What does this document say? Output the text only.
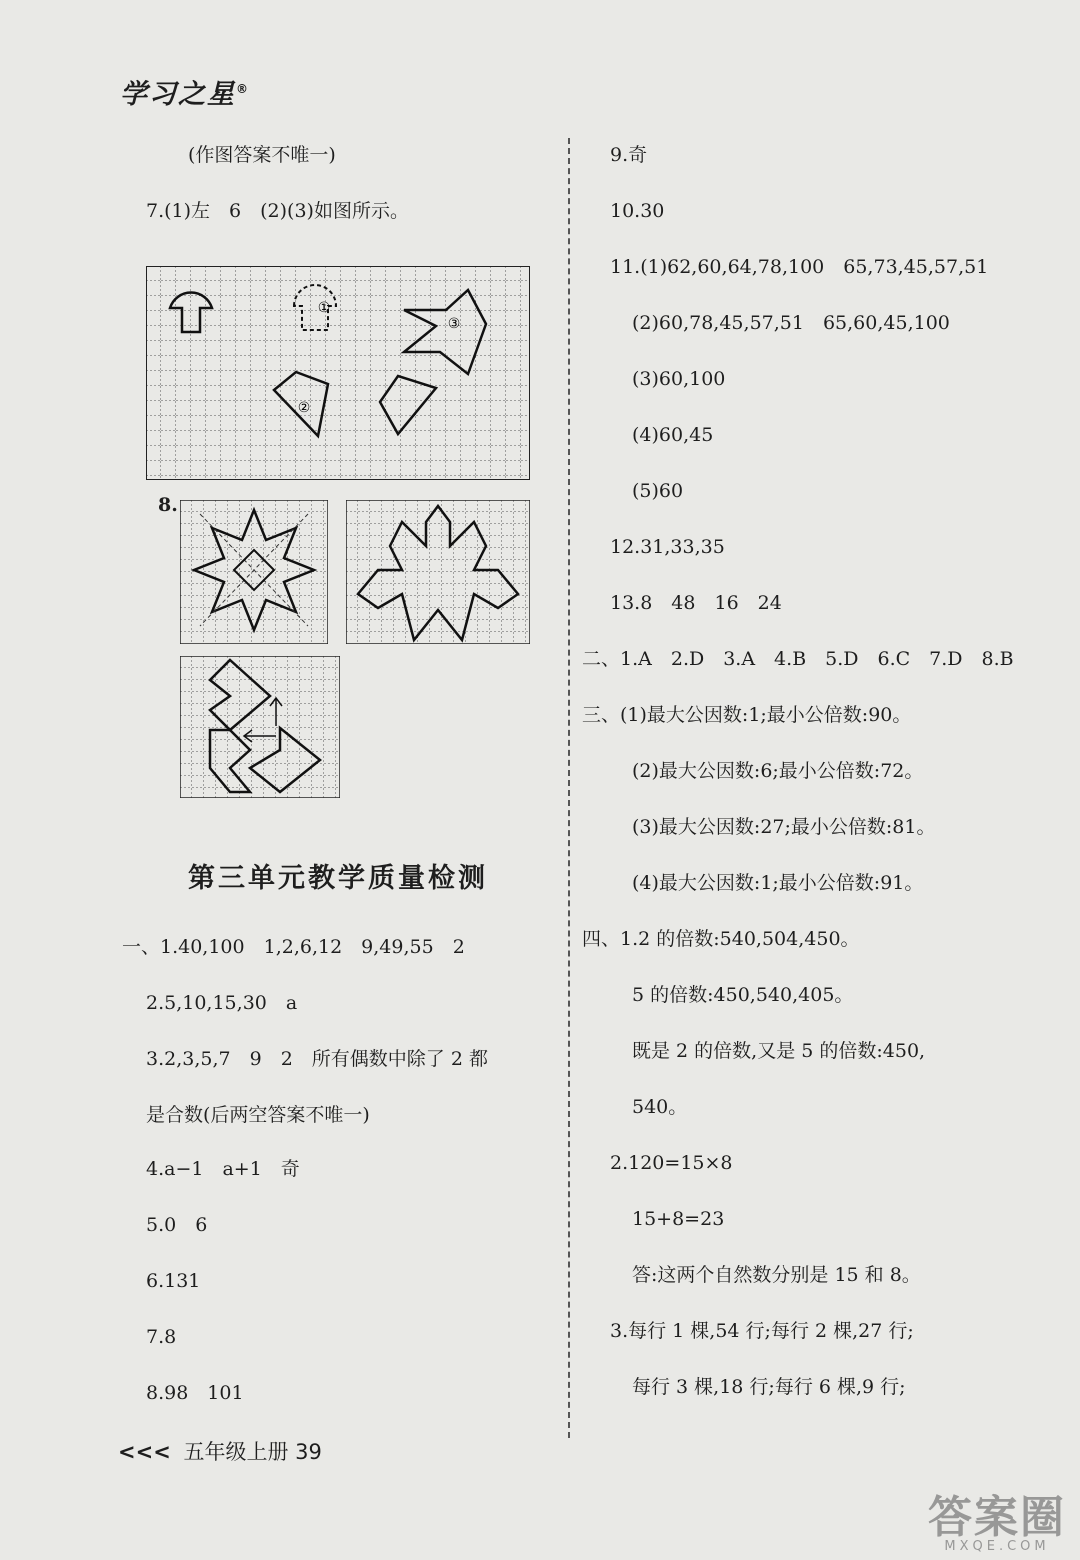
学习之星®
(作图答案不唯一)
7.(1)左　6　(2)(3)如图所示。
①
②
③
8.
第三单元教学质量检测
一、1.40,100　1,2,6,12　9,49,55　2
2.5,10,15,30　a
3.2,3,5,7　9　2　所有偶数中除了 2 都
是合数(后两空答案不唯一)
4.a−1　a+1　奇
5.0　6
6.131
7.8
8.98　101
9.奇
10.30
11.(1)62,60,64,78,100　65,73,45,57,51
(2)60,78,45,57,51　65,60,45,100
(3)60,100
(4)60,45
(5)60
12.31,33,35
13.8　48　16　24
二、1.A　2.D　3.A　4.B　5.D　6.C　7.D　8.B
三、(1)最大公因数:1;最小公倍数:90。
(2)最大公因数:6;最小公倍数:72。
(3)最大公因数:27;最小公倍数:81。
(4)最大公因数:1;最小公倍数:91。
四、1.2 的倍数:540,504,450。
5 的倍数:450,540,405。
既是 2 的倍数,又是 5 的倍数:450,
540。
2.120=15×8
15+8=23
答:这两个自然数分别是 15 和 8。
3.每行 1 棵,54 行;每行 2 棵,27 行;
每行 3 棵,18 行;每行 6 棵,9 行;
<<< 五年级上册 39
答案圈
MXQE.COM
